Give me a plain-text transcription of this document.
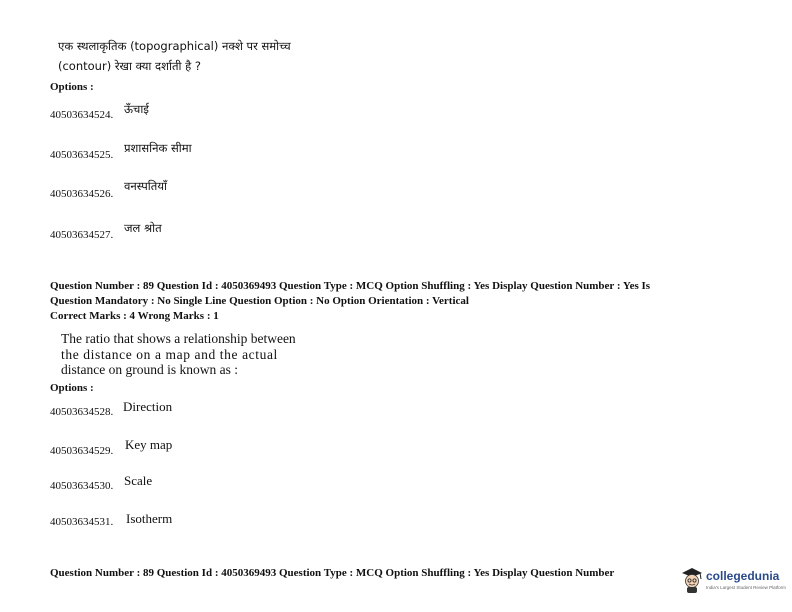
एक स्थलाकृतिक (topographical) नक्शे पर समोच्च
(contour) रेखा क्या दर्शाती है ?
Options :
40503634524. ऊँचाई
40503634525. प्रशासनिक सीमा
40503634526.
वनस्पतियाँ
40503634527. जल श्रोत
Question Number : 89 Question Id : 4050369493 Question Type : MCQ Option Shuffling : Yes Display Question Number : Yes Is
Question Mandatory : No Single Line Question Option : No Option Orientation : Vertical
Correct Marks : 4 Wrong Marks : 1
The ratio that shows a relationship between
the distance on a map and the actual
distance on ground is known as :
Options :
40503634528. Direction
40503634529. Key map
40503634530. Scale
40503634531. Isotherm
Question Number : 89 Question Id : 4050369493 Question Type : MCQ Option Shuffling : Yes Display Question Number	collegedunia
India's Largest Student Review Platform
